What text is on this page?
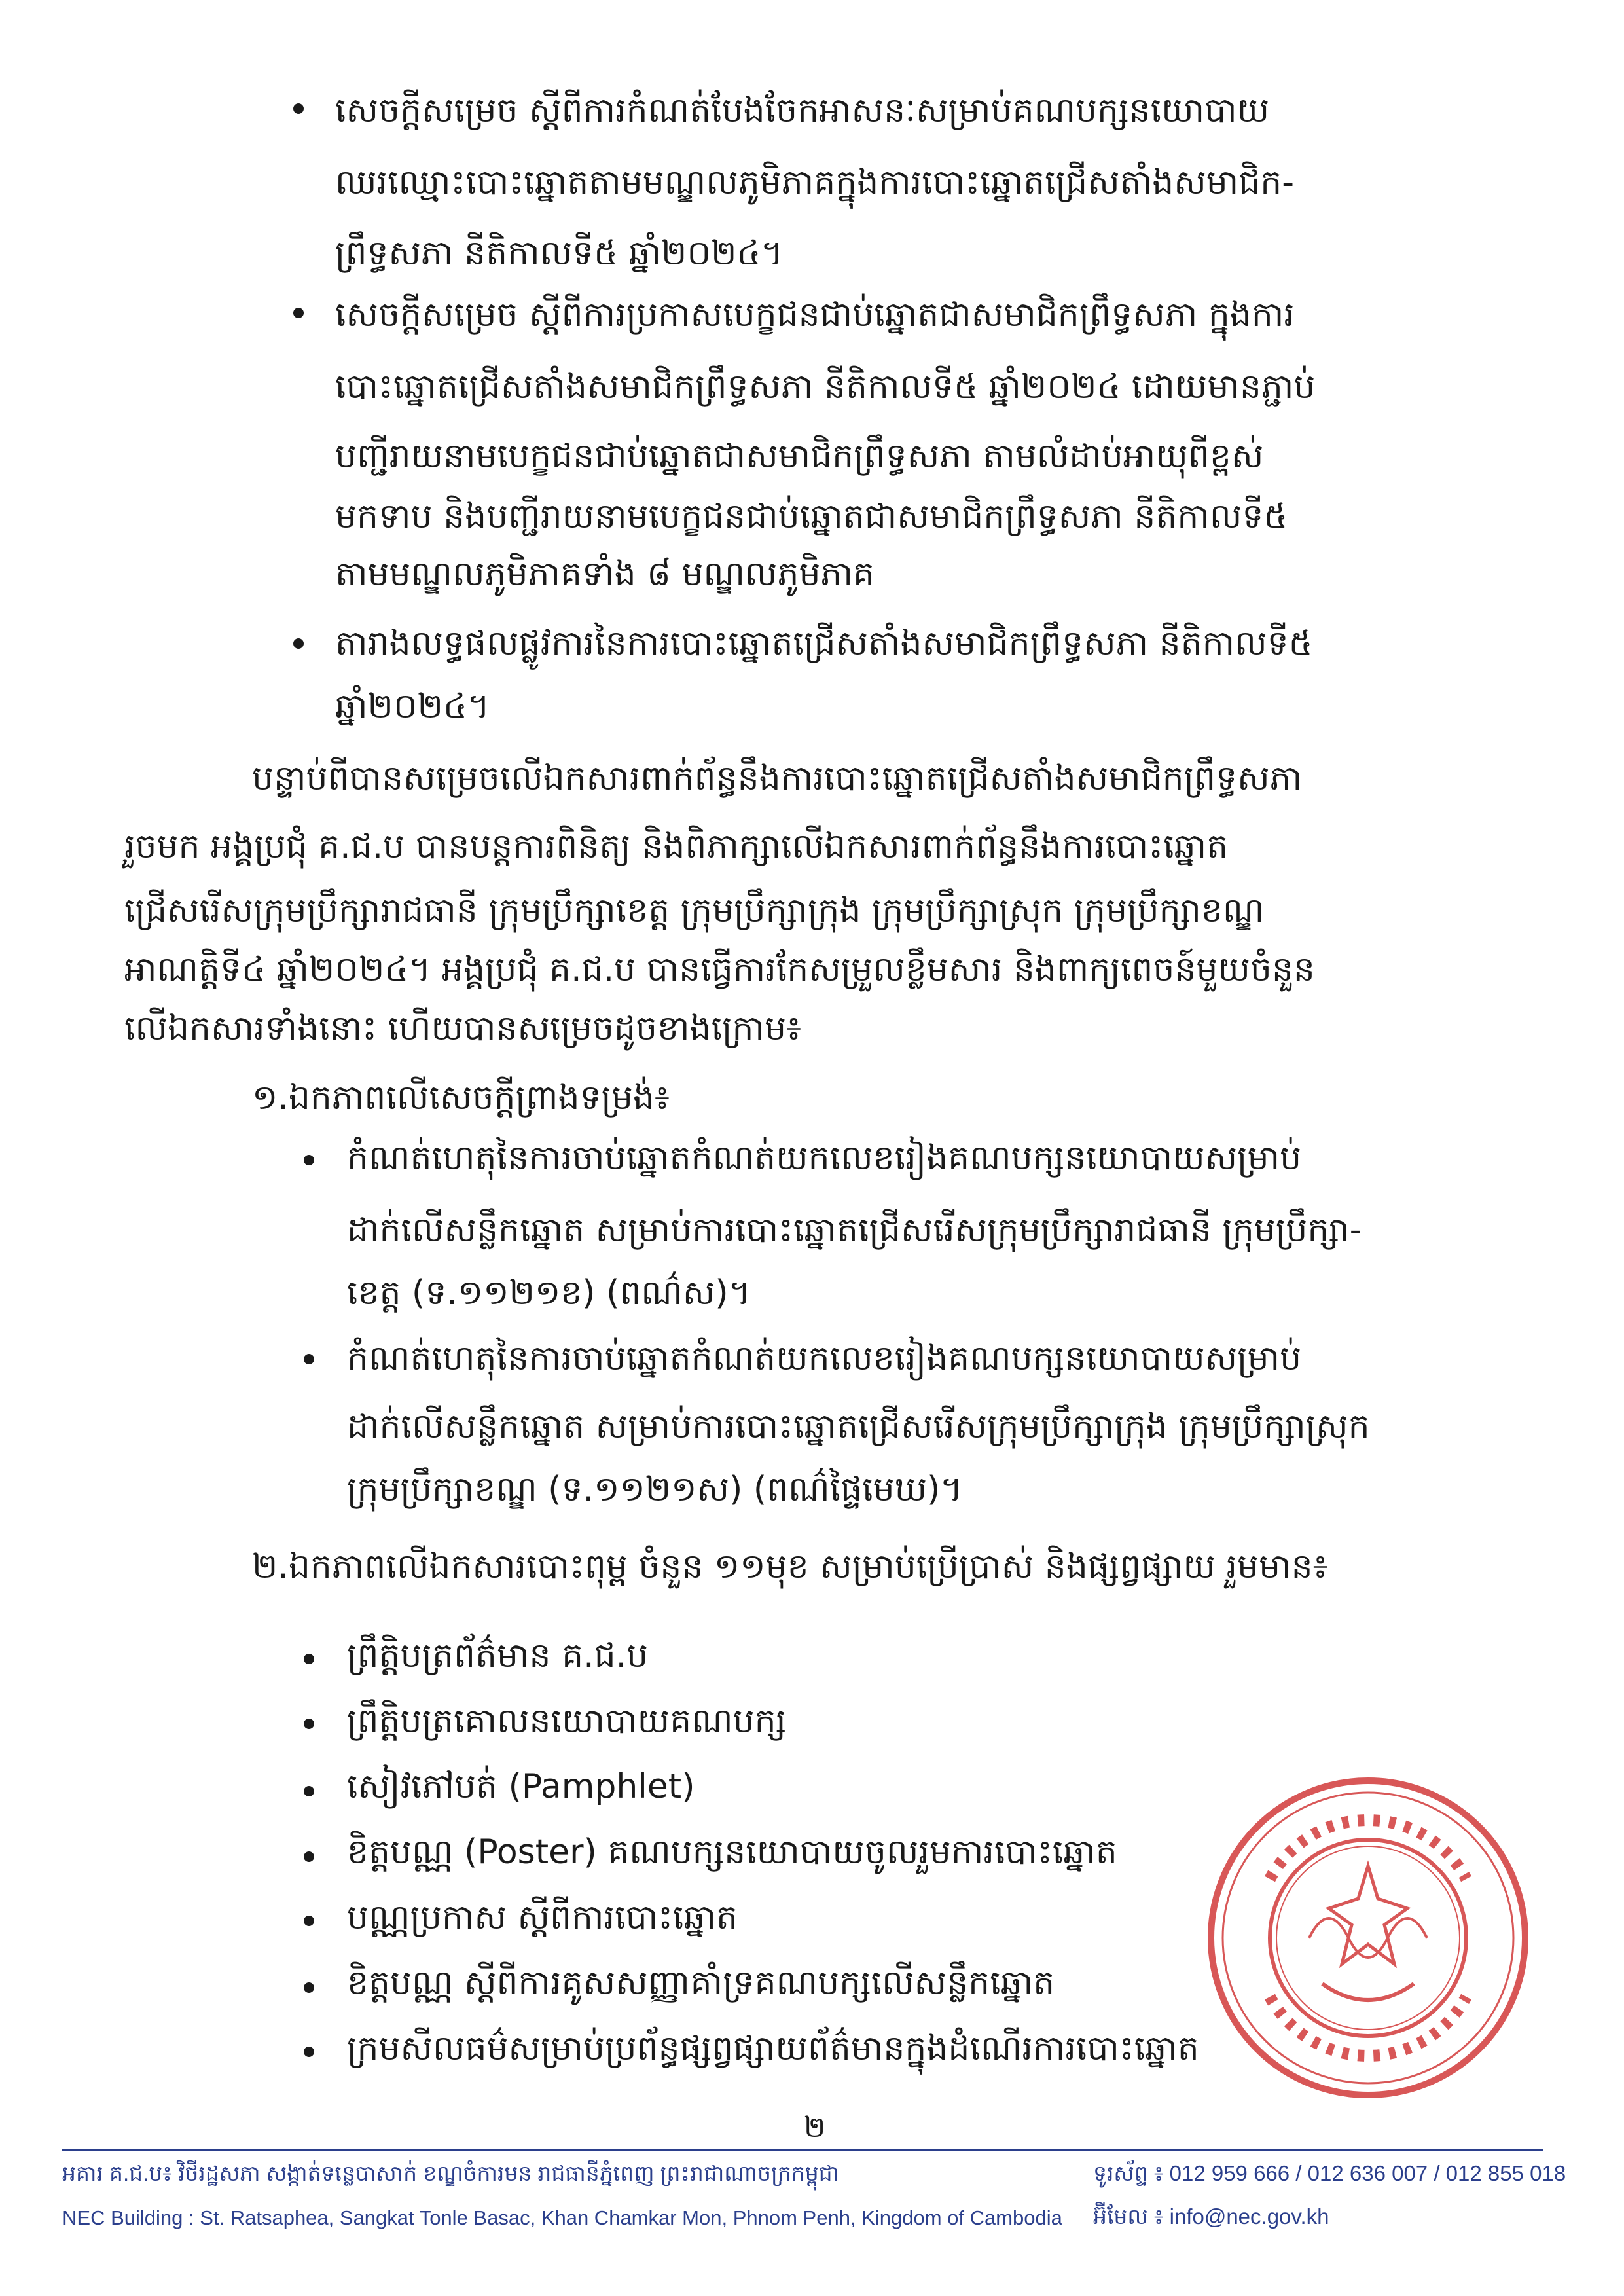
សេចក្តីសម្រេច ស្តីពីការកំណត់បែងចែកអាសនៈសម្រាប់គណបក្សនយោបាយ
ឈរឈ្មោះបោះឆ្នោតតាមមណ្ឌលភូមិភាគក្នុងការបោះឆ្នោតជ្រើសតាំងសមាជិក-
ព្រឹទ្ធសភា នីតិកាលទី៥ ឆ្នាំ២០២៤។
សេចក្តីសម្រេច ស្តីពីការប្រកាសបេក្ខជនជាប់ឆ្នោតជាសមាជិកព្រឹទ្ធសភា ក្នុងការ
បោះឆ្នោតជ្រើសតាំងសមាជិកព្រឹទ្ធសភា នីតិកាលទី៥ ឆ្នាំ២០២៤ ដោយមានភ្ជាប់
បញ្ជីរាយនាមបេក្ខជនជាប់ឆ្នោតជាសមាជិកព្រឹទ្ធសភា តាមលំដាប់អាយុពីខ្ពស់
មកទាប និងបញ្ជីរាយនាមបេក្ខជនជាប់ឆ្នោតជាសមាជិកព្រឹទ្ធសភា នីតិកាលទី៥
តាមមណ្ឌលភូមិភាគទាំង ៨ មណ្ឌលភូមិភាគ
តារាងលទ្ធផលផ្លូវការនៃការបោះឆ្នោតជ្រើសតាំងសមាជិកព្រឹទ្ធសភា នីតិកាលទី៥
ឆ្នាំ២០២៤។
បន្ទាប់ពីបានសម្រេចលើឯកសារពាក់ព័ន្ធនឹងការបោះឆ្នោតជ្រើសតាំងសមាជិកព្រឹទ្ធសភា
រួចមក អង្គប្រជុំ គ.ជ.ប បានបន្តការពិនិត្យ និងពិភាក្សាលើឯកសារពាក់ព័ន្ធនឹងការបោះឆ្នោត
ជ្រើសរើសក្រុមប្រឹក្សារាជធានី ក្រុមប្រឹក្សាខេត្ត ក្រុមប្រឹក្សាក្រុង ក្រុមប្រឹក្សាស្រុក ក្រុមប្រឹក្សាខណ្ឌ
អាណត្តិទី៤ ឆ្នាំ២០២៤។ អង្គប្រជុំ គ.ជ.ប បានធ្វើការកែសម្រួលខ្លឹមសារ និងពាក្យពេចន៍មួយចំនួន
លើឯកសារទាំងនោះ ហើយបានសម្រេចដូចខាងក្រោម៖
១.ឯកភាពលើសេចក្តីព្រាងទម្រង់៖
កំណត់ហេតុនៃការចាប់ឆ្នោតកំណត់យកលេខរៀងគណបក្សនយោបាយសម្រាប់
ដាក់លើសន្លឹកឆ្នោត សម្រាប់ការបោះឆ្នោតជ្រើសរើសក្រុមប្រឹក្សារាជធានី ក្រុមប្រឹក្សា-
ខេត្ត (ទ.១១២១ខ) (ពណ៌ស)។
កំណត់ហេតុនៃការចាប់ឆ្នោតកំណត់យកលេខរៀងគណបក្សនយោបាយសម្រាប់
ដាក់លើសន្លឹកឆ្នោត សម្រាប់ការបោះឆ្នោតជ្រើសរើសក្រុមប្រឹក្សាក្រុង ក្រុមប្រឹក្សាស្រុក
ក្រុមប្រឹក្សាខណ្ឌ (ទ.១១២១ស) (ពណ៌ផ្ទៃមេឃ)។
២.ឯកភាពលើឯកសារបោះពុម្ព ចំនួន ១១មុខ សម្រាប់ប្រើប្រាស់ និងផ្សព្វផ្សាយ រួមមាន៖
ព្រឹត្តិបត្រព័ត៌មាន គ.ជ.ប
ព្រឹត្តិបត្រគោលនយោបាយគណបក្ស
សៀវភៅបត់ (Pamphlet)
ខិត្តបណ្ណ (Poster) គណបក្សនយោបាយចូលរួមការបោះឆ្នោត
បណ្ណប្រកាស ស្តីពីការបោះឆ្នោត
ខិត្តបណ្ណ ស្តីពីការគូសសញ្ញាគាំទ្រគណបក្សលើសន្លឹកឆ្នោត
ក្រមសីលធម៌សម្រាប់ប្រព័ន្ធផ្សព្វផ្សាយព័ត៌មានក្នុងដំណើរការបោះឆ្នោត
២
អគារ គ.ជ.ប៖ វិថីរដ្ឋសភា សង្កាត់ទន្លេបាសាក់ ខណ្ឌចំការមន រាជធានីភ្នំពេញ ព្រះរាជាណាចក្រកម្ពុជា
NEC Building : St. Ratsaphea, Sangkat Tonle Basac, Khan Chamkar Mon, Phnom Penh, Kingdom of Cambodia
ទូរស័ព្ទ ៖ 012 959 666 / 012 636 007 / 012 855 018
អ៊ីមែល ៖ info@nec.gov.kh
